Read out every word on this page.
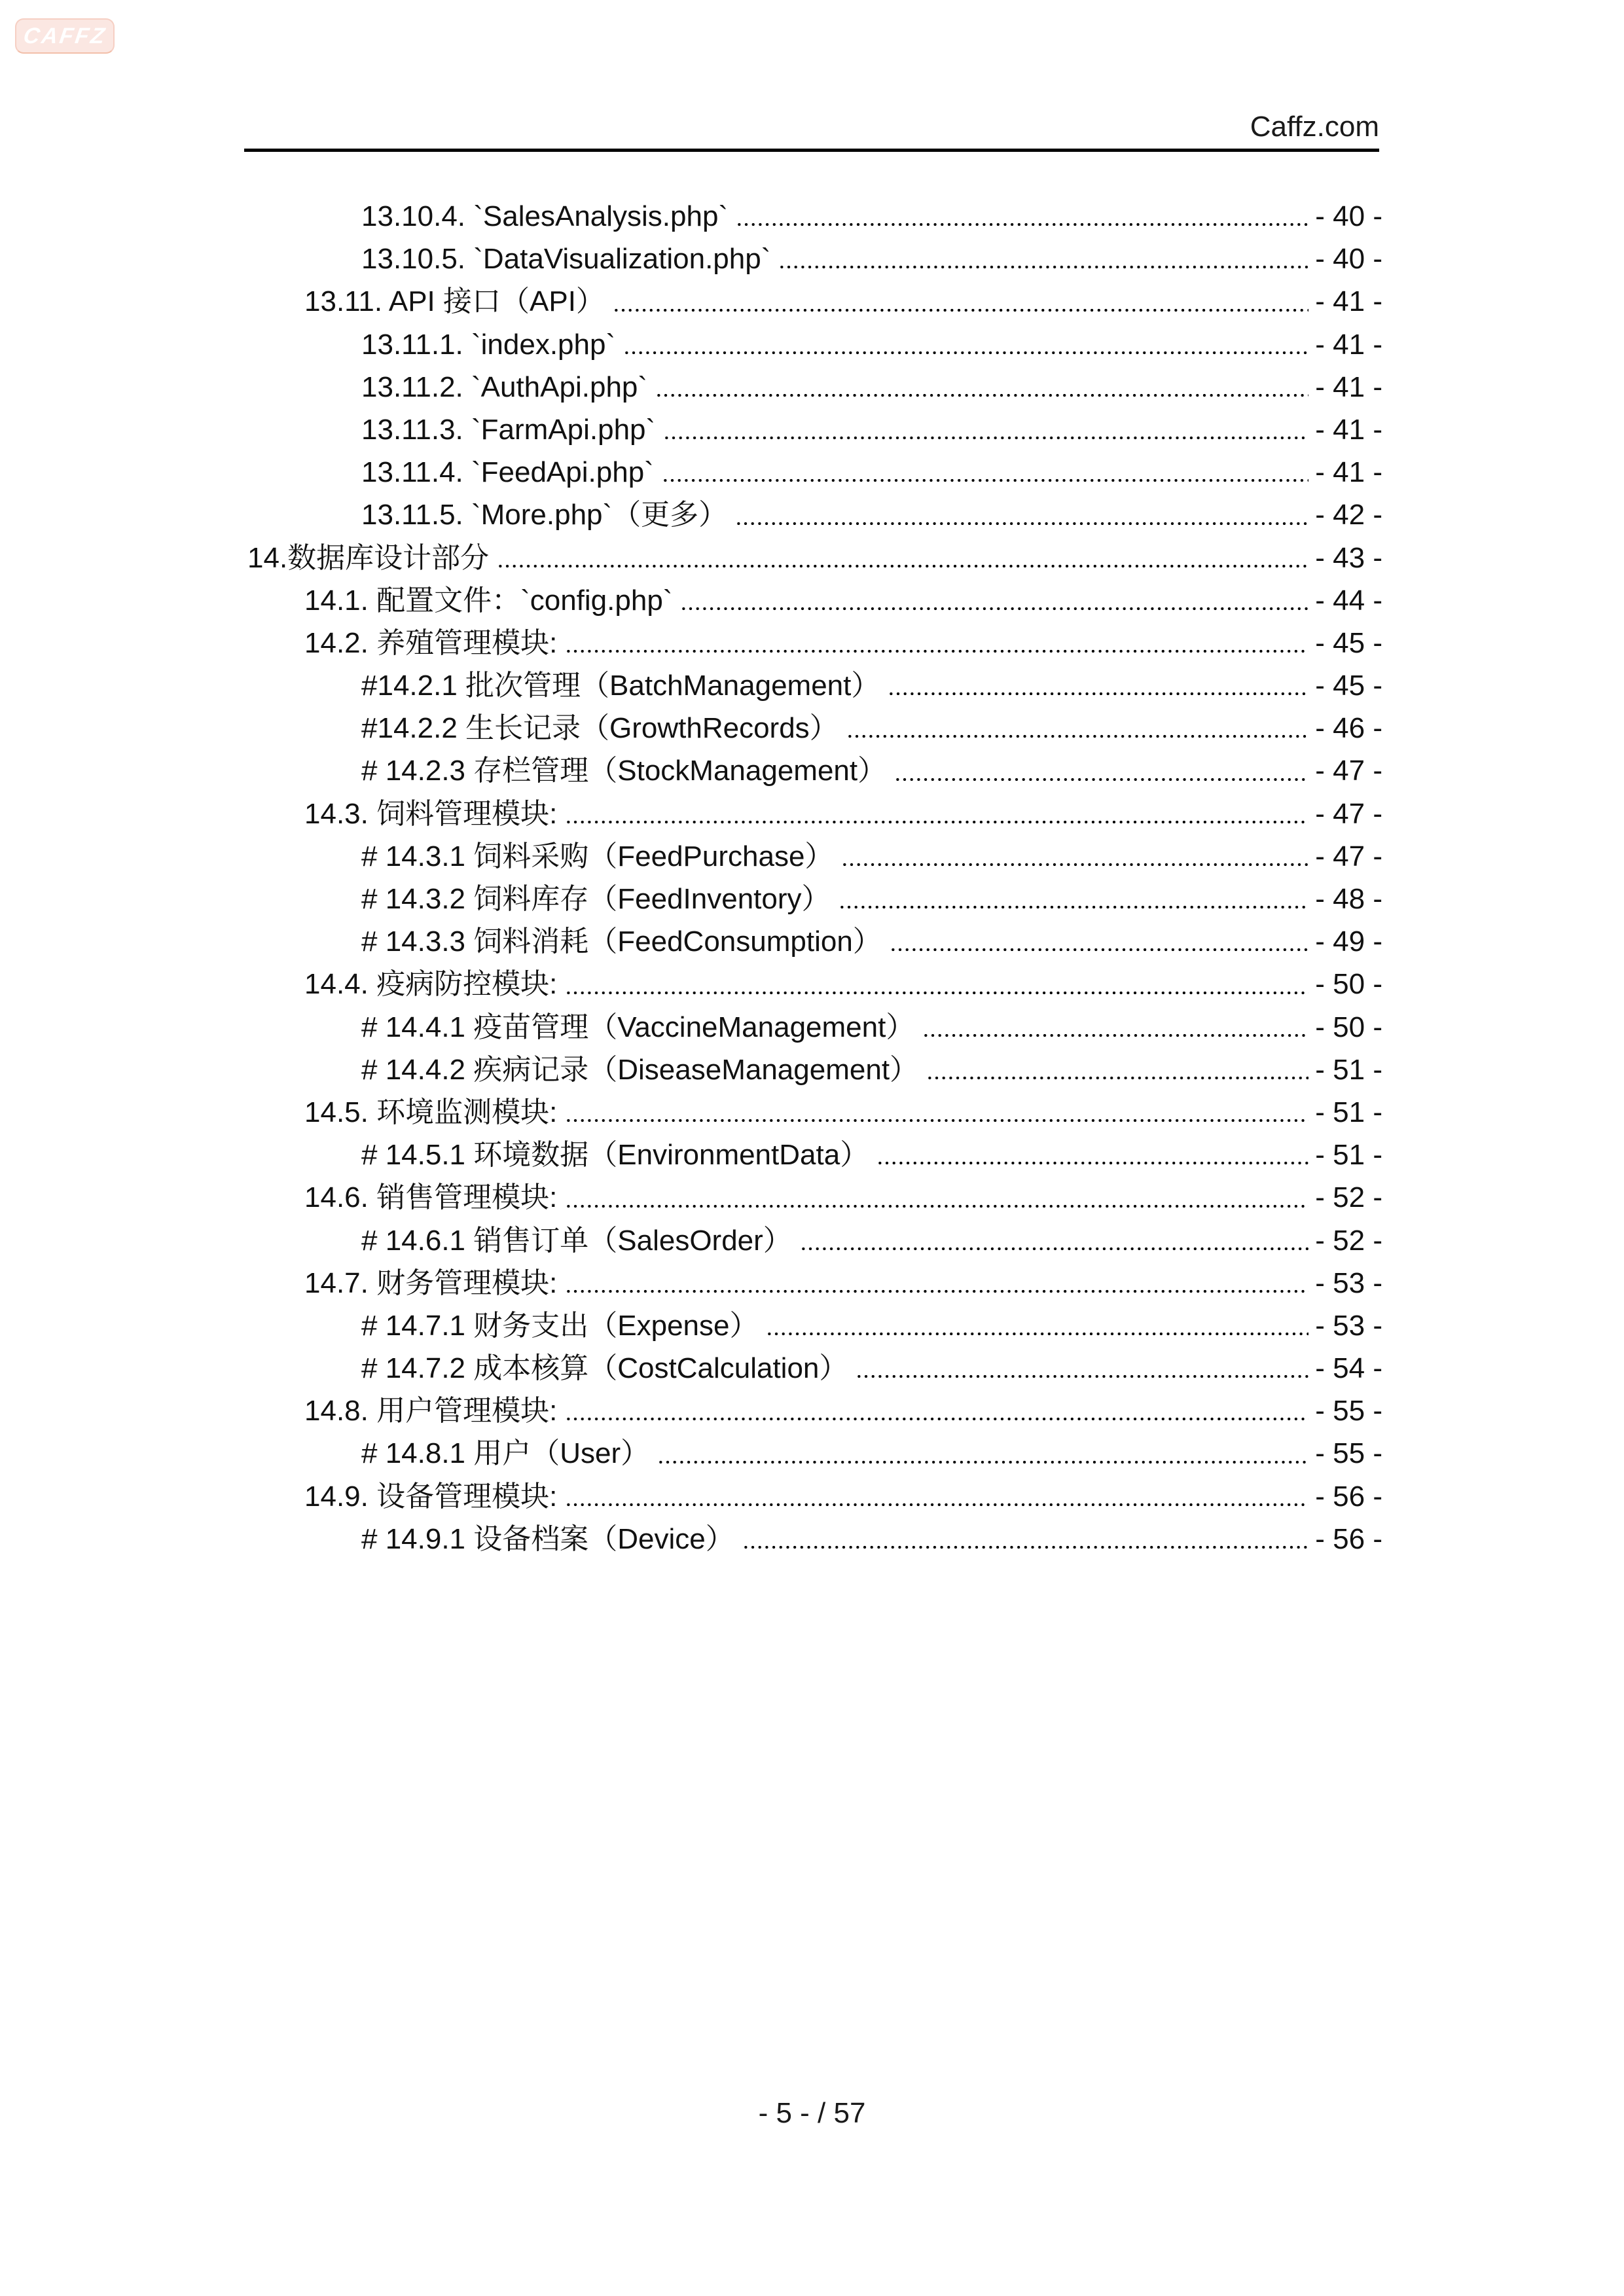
CAFFZ
Caffz.com
13.10.4. `SalesAnalysis.php`	- 40 -
13.10.5. `DataVisualization.php`	- 40 -
13.11. API 接口（API）	- 41 -
13.11.1. `index.php`	- 41 -
13.11.2. `AuthApi.php`	- 41 -
13.11.3. `FarmApi.php`	- 41 -
13.11.4. `FeedApi.php`	- 41 -
13.11.5. `More.php`（更多）	- 42 -
14.数据库设计部分	- 43 -
14.1. 配置文件：`config.php`	- 44 -
14.2. 养殖管理模块:	- 45 -
#14.2.1 批次管理（BatchManagement）	- 45 -
#14.2.2 生长记录（GrowthRecords）	- 46 -
# 14.2.3 存栏管理（StockManagement）	- 47 -
14.3. 饲料管理模块:	- 47 -
# 14.3.1 饲料采购（FeedPurchase）	- 47 -
# 14.3.2 饲料库存（FeedInventory）	- 48 -
# 14.3.3 饲料消耗（FeedConsumption）	- 49 -
14.4. 疫病防控模块:	- 50 -
# 14.4.1 疫苗管理（VaccineManagement）	- 50 -
# 14.4.2 疾病记录（DiseaseManagement）	- 51 -
14.5. 环境监测模块:	- 51 -
# 14.5.1 环境数据（EnvironmentData）	- 51 -
14.6. 销售管理模块:	- 52 -
# 14.6.1 销售订单（SalesOrder）	- 52 -
14.7. 财务管理模块:	- 53 -
# 14.7.1 财务支出（Expense）	- 53 -
# 14.7.2 成本核算（CostCalculation）	- 54 -
14.8. 用户管理模块:	- 55 -
# 14.8.1 用户（User）	- 55 -
14.9. 设备管理模块:	- 56 -
# 14.9.1 设备档案（Device）	- 56 -
- 5 - / 57
